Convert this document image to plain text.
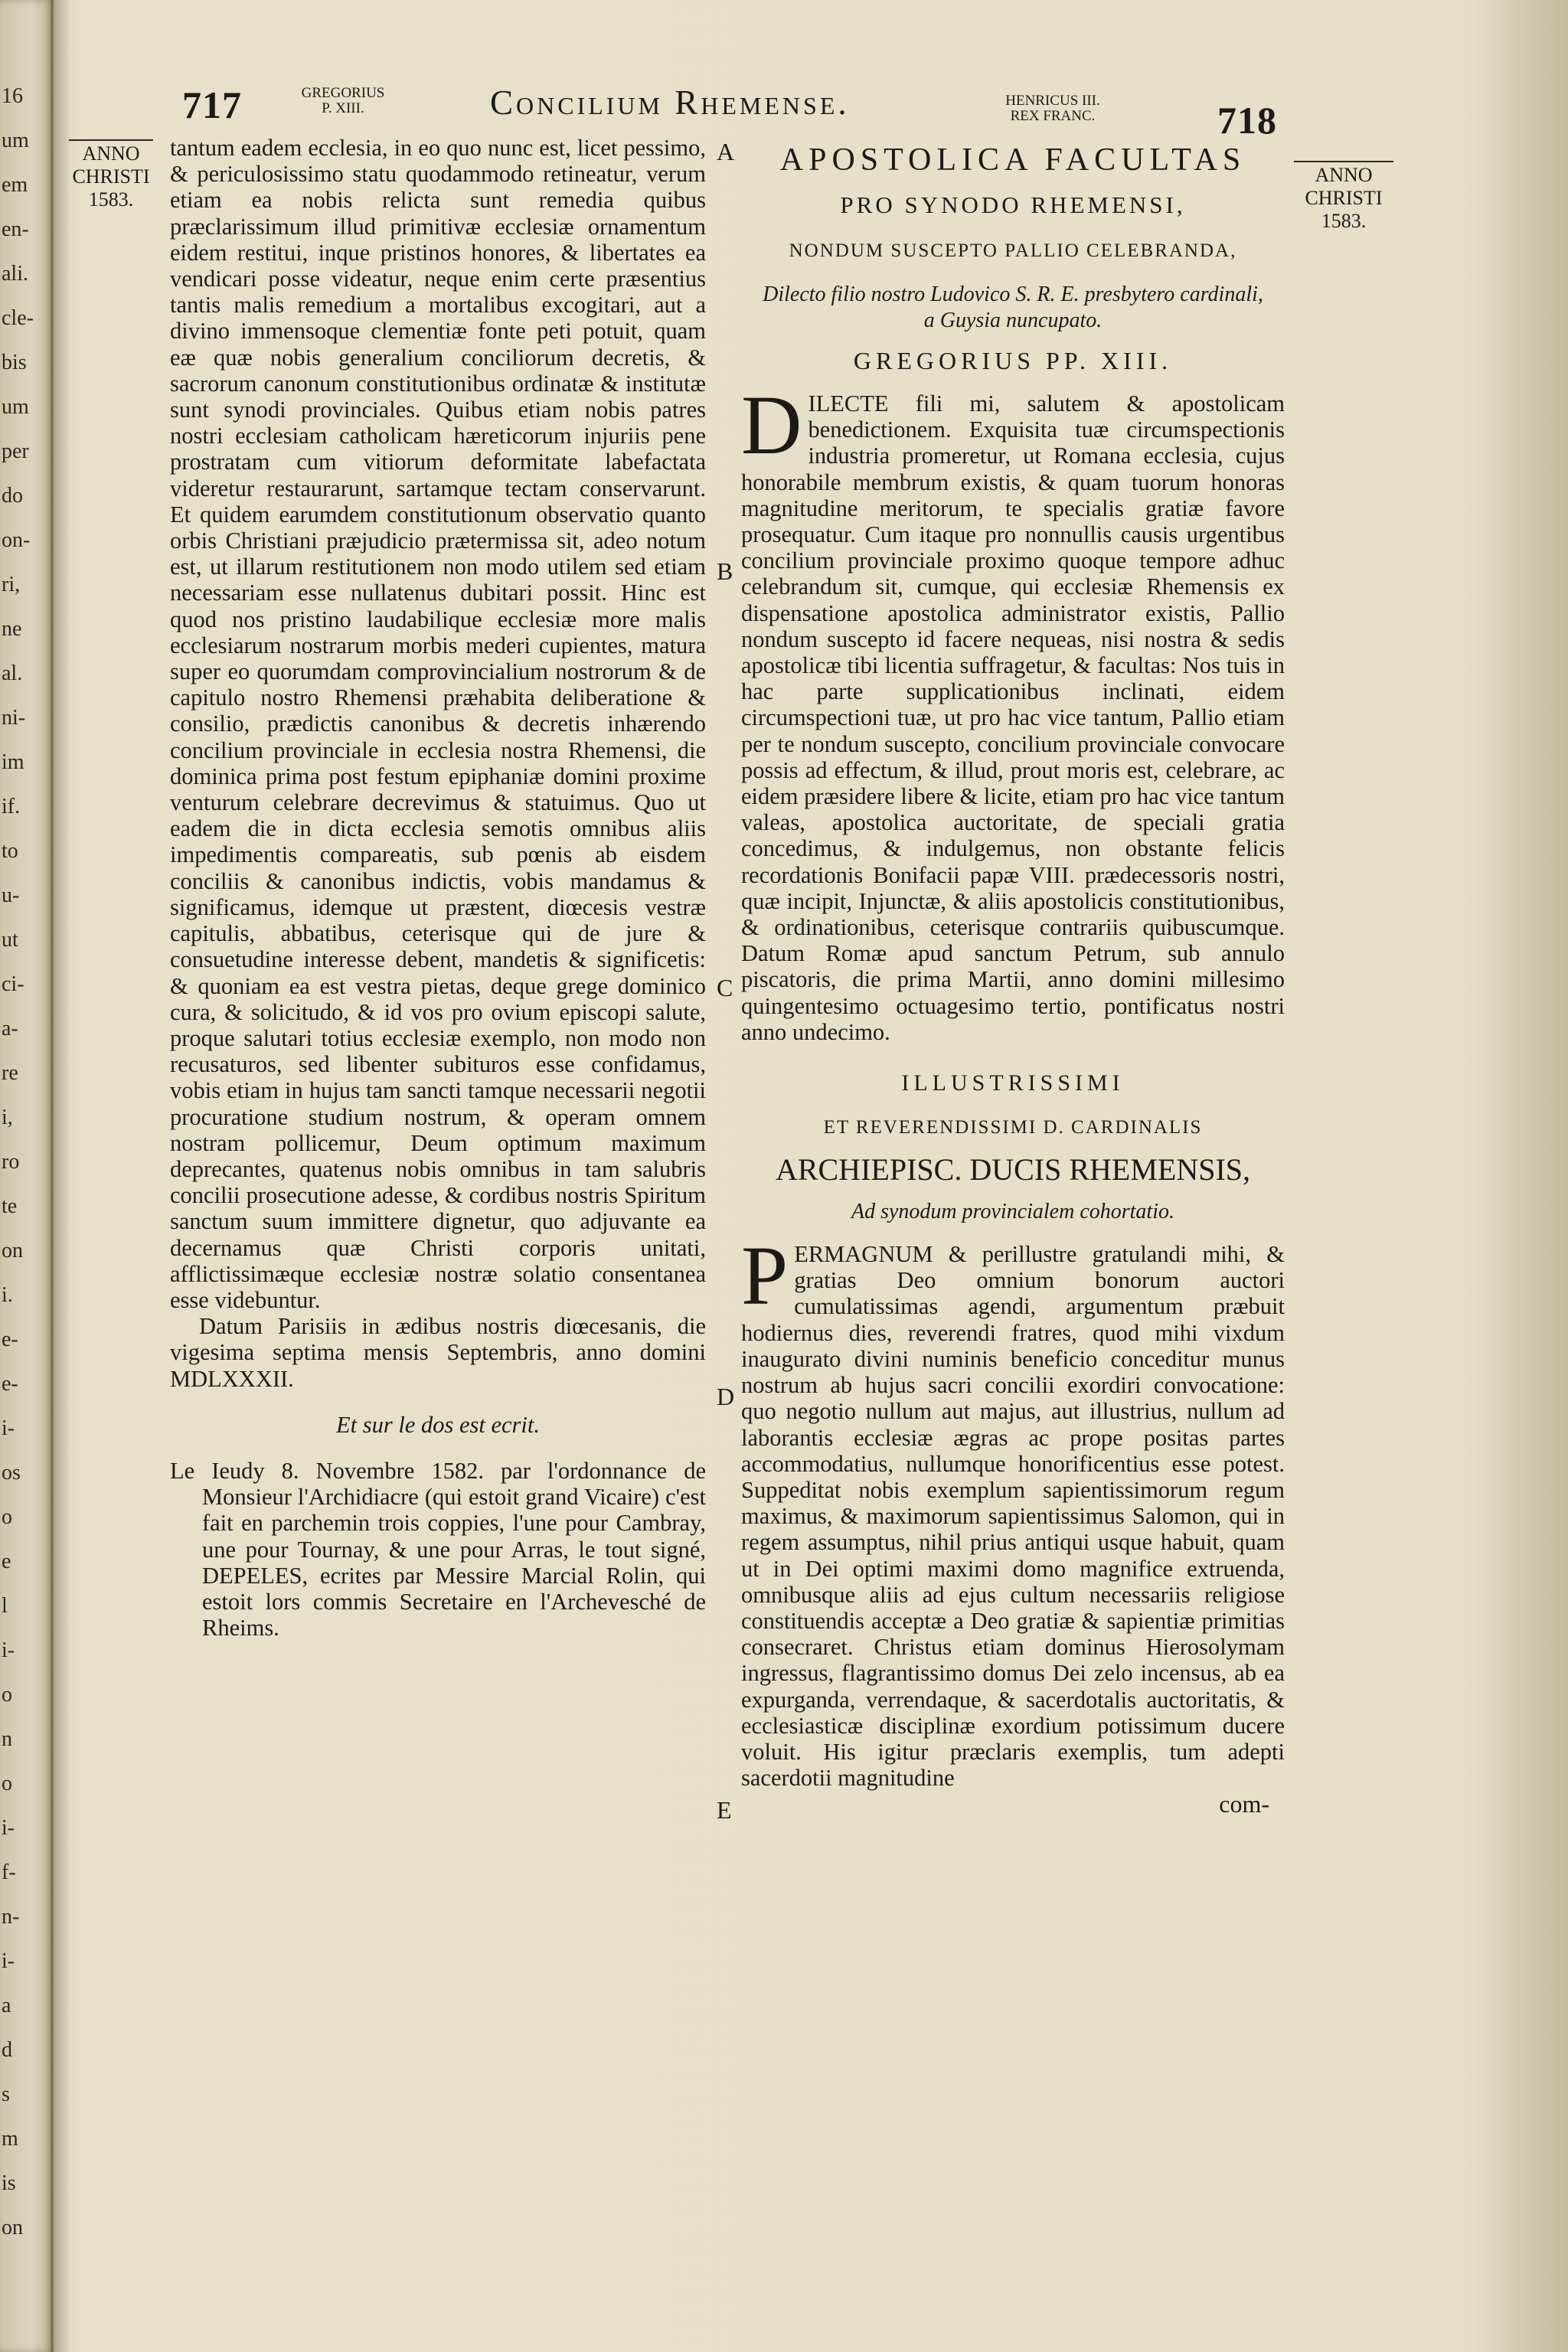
16
um
em
en-
ali.
cle-
bis
um
per
do
on-
ri,
ne
al.
ni-
im
if.
to
u-
ut
ci-
a-
re
i,
ro
te
on
i.
e-
e-
i-
os
o
e
l
i-
o
n
o
i-
f-
n-
i-
a
d
s
m
is
on
717	GREGORIUS
P. XIII.	Concilium Rhemense.	HENRICUS III.
REX FRANC.	718
ANNO
CHRISTI
1583.
ANNO
CHRISTI
1583.
A
B
C
D
E

tantum eadem ecclesia, in eo quo nunc est, licet pessimo, & periculosissimo statu quodammodo retineatur, verum etiam ea nobis relicta sunt remedia quibus præclarissimum illud primitivæ ecclesiæ ornamentum eidem restitui, inque pristinos honores, & libertates ea vendicari posse videatur, neque enim certe præsentius tantis malis remedium a mortalibus excogitari, aut a divino immensoque clementiæ fonte peti potuit, quam eæ quæ nobis generalium conciliorum decretis, & sacrorum canonum constitutionibus ordinatæ & institutæ sunt synodi provinciales. Quibus etiam nobis patres nostri ecclesiam catholicam hæreticorum injuriis pene prostratam cum vitiorum deformitate labefactata videretur restaurarunt, sartamque tectam conservarunt. Et quidem earumdem constitutionum observatio quanto orbis Christiani præjudicio prætermissa sit, adeo notum est, ut illarum restitutionem non modo utilem sed etiam necessariam esse nullatenus dubitari possit. Hinc est quod nos pristino laudabilique ecclesiæ more malis ecclesiarum nostrarum morbis mederi cupientes, matura super eo quorumdam comprovincialium nostrorum & de capitulo nostro Rhemensi præhabita deliberatione & consilio, prædictis canonibus & decretis inhærendo concilium provinciale in ecclesia nostra Rhemensi, die dominica prima post festum epiphaniæ domini proxime venturum celebrare decrevimus & statuimus. Quo ut eadem die in dicta ecclesia semotis omnibus aliis impedimentis compareatis, sub pœnis ab eisdem conciliis & canonibus indictis, vobis mandamus & significamus, idemque ut præstent, diœcesis vestræ capitulis, abbatibus, ceterisque qui de jure & consuetudine interesse debent, mandetis & significetis: & quoniam ea est vestra pietas, deque grege dominico cura, & solicitudo, & id vos pro ovium episcopi salute, proque salutari totius ecclesiæ exemplo, non modo non recusaturos, sed libenter subituros esse confidamus, vobis etiam in hujus tam sancti tamque necessarii negotii procuratione studium nostrum, & operam omnem nostram pollicemur, Deum optimum maximum deprecantes, quatenus nobis omnibus in tam salubris concilii prosecutione adesse, & cordibus nostris Spiritum sanctum suum immittere dignetur, quo adjuvante ea decernamus quæ Christi corporis unitati, afflictissimæque ecclesiæ nostræ solatio consentanea esse videbuntur.

Datum Parisiis in ædibus nostris diœcesanis, die vigesima septima mensis Septembris, anno domini MDLXXXII.

Et sur le dos est ecrit.

Le Ieudy 8. Novembre 1582. par l'ordonnance de Monsieur l'Archidiacre (qui estoit grand Vicaire) c'est fait en parchemin trois coppies, l'une pour Cambray, une pour Tournay, & une pour Arras, le tout signé, DEPELES, ecrites par Messire Marcial Rolin, qui estoit lors commis Secretaire en l'Archevesché de Rheims.

APOSTOLICA FACULTAS

PRO SYNODO RHEMENSI,

NONDUM SUSCEPTO PALLIO CELEBRANDA,

Dilecto filio nostro Ludovico S. R. E. presbytero cardinali, a Guysia nuncupato.

GREGORIUS PP. XIII.

DILECTE fili mi, salutem & apostolicam benedictionem. Exquisita tuæ circumspectionis industria promeretur, ut Romana ecclesia, cujus honorabile membrum existis, & quam tuorum honoras magnitudine meritorum, te specialis gratiæ favore prosequatur. Cum itaque pro nonnullis causis urgentibus concilium provinciale proximo quoque tempore adhuc celebrandum sit, cumque, qui ecclesiæ Rhemensis ex dispensatione apostolica administrator existis, Pallio nondum suscepto id facere nequeas, nisi nostra & sedis apostolicæ tibi licentia suffragetur, & facultas: Nos tuis in hac parte supplicationibus inclinati, eidem circumspectioni tuæ, ut pro hac vice tantum, Pallio etiam per te nondum suscepto, concilium provinciale convocare possis ad effectum, & illud, prout moris est, celebrare, ac eidem præsidere libere & licite, etiam pro hac vice tantum valeas, apostolica auctoritate, de speciali gratia concedimus, & indulgemus, non obstante felicis recordationis Bonifacii papæ VIII. prædecessoris nostri, quæ incipit, Injunctæ, & aliis apostolicis constitutionibus, & ordinationibus, ceterisque contrariis quibuscumque. Datum Romæ apud sanctum Petrum, sub annulo piscatoris, die prima Martii, anno domini millesimo quingentesimo octuagesimo tertio, pontificatus nostri anno undecimo.

ILLUSTRISSIMI

ET REVERENDISSIMI D. CARDINALIS

ARCHIEPISC. DUCIS RHEMENSIS,

Ad synodum provincialem cohortatio.

PERMAGNUM & perillustre gratulandi mihi, & gratias Deo omnium bonorum auctori cumulatissimas agendi, argumentum præbuit hodiernus dies, reverendi fratres, quod mihi vixdum inaugurato divini numinis beneficio conceditur munus nostrum ab hujus sacri concilii exordiri convocatione: quo negotio nullum aut majus, aut illustrius, nullum ad laborantis ecclesiæ ægras ac prope positas partes accommodatius, nullumque honorificentius esse potest. Suppeditat nobis exemplum sapientissimorum regum maximus, & maximorum sapientissimus Salomon, qui in regem assumptus, nihil prius antiqui usque habuit, quam ut in Dei optimi maximi domo magnifice extruenda, omnibusque aliis ad ejus cultum necessariis religiose constituendis acceptæ a Deo gratiæ & sapientiæ primitias consecraret. Christus etiam dominus Hierosolymam ingressus, flagrantissimo domus Dei zelo incensus, ab ea expurganda, verrendaque, & sacerdotalis auctoritatis, & ecclesiasticæ disciplinæ exordium potissimum ducere voluit. His igitur præclaris exemplis, tum adepti sacerdotii magnitudine

com-
